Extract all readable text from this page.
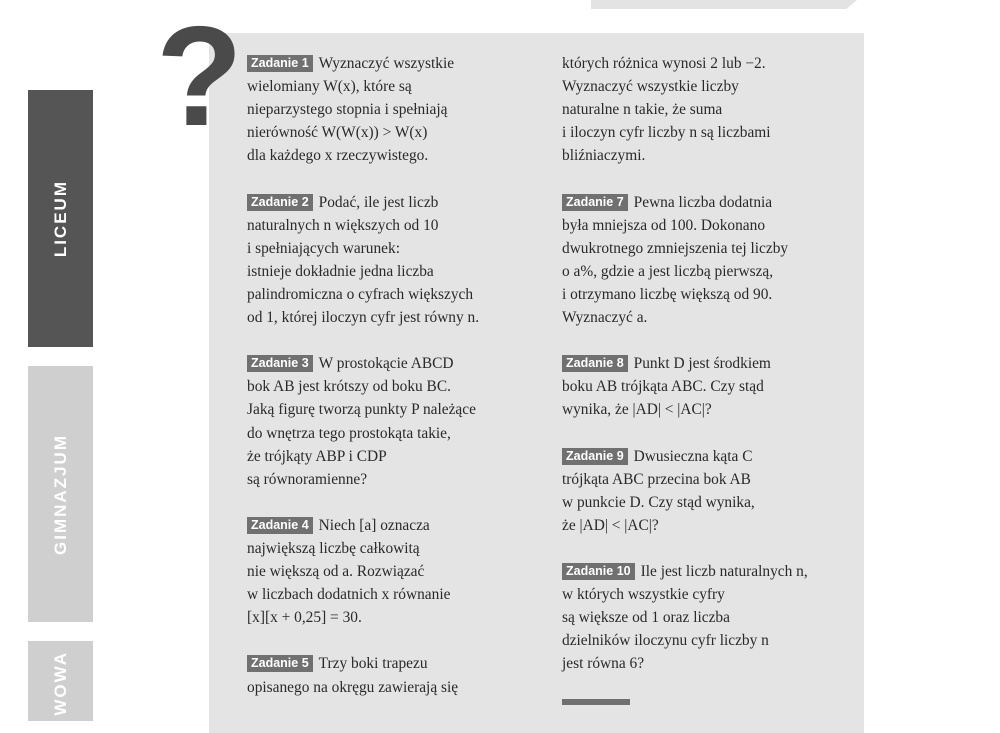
LICEUM
GIMNAZJUM
WOWA
? Zadanie 1 Wyznaczyć wszystkie
wielomiany W(x), które są
nieparzystego stopnia i spełniają
nierówność W(W(x)) > W(x)
dla każdego x rzeczywistego.
Zadanie 2 Podać, ile jest liczb
naturalnych n większych od 10
i spełniających warunek:
istnieje dokładnie jedna liczba
palindromiczna o cyfrach większych
od 1, której iloczyn cyfr jest równy n.
Zadanie 3 W prostokącie ABCD
bok AB jest krótszy od boku BC.
Jaką figurę tworzą punkty P należące
do wnętrza tego prostokąta takie,
że trójkąty ABP i CDP
są równoramienne?
Zadanie 4 Niech [a] oznacza
największą liczbę całkowitą
nie większą od a. Rozwiązać
w liczbach dodatnich x równanie
[x][x + 0,25] = 30.
Zadanie 5 Trzy boki trapezu
opisanego na okręgu zawierają się
których różnica wynosi 2 lub −2.
Wyznaczyć wszystkie liczby
naturalne n takie, że suma
i iloczyn cyfr liczby n są liczbami
bliźniaczymi.
Zadanie 7 Pewna liczba dodatnia
była mniejsza od 100. Dokonano
dwukrotnego zmniejszenia tej liczby
o a%, gdzie a jest liczbą pierwszą,
i otrzymano liczbę większą od 90.
Wyznaczyć a.
Zadanie 8 Punkt D jest środkiem
boku AB trójkąta ABC. Czy stąd
wynika, że |AD| < |AC|?
Zadanie 9 Dwusieczna kąta C
trójkąta ABC przecina bok AB
w punkcie D. Czy stąd wynika,
że |AD| < |AC|?
Zadanie 10 Ile jest liczb naturalnych n,
w których wszystkie cyfry
są większe od 1 oraz liczba
dzielników iloczynu cyfr liczby n
jest równa 6?
